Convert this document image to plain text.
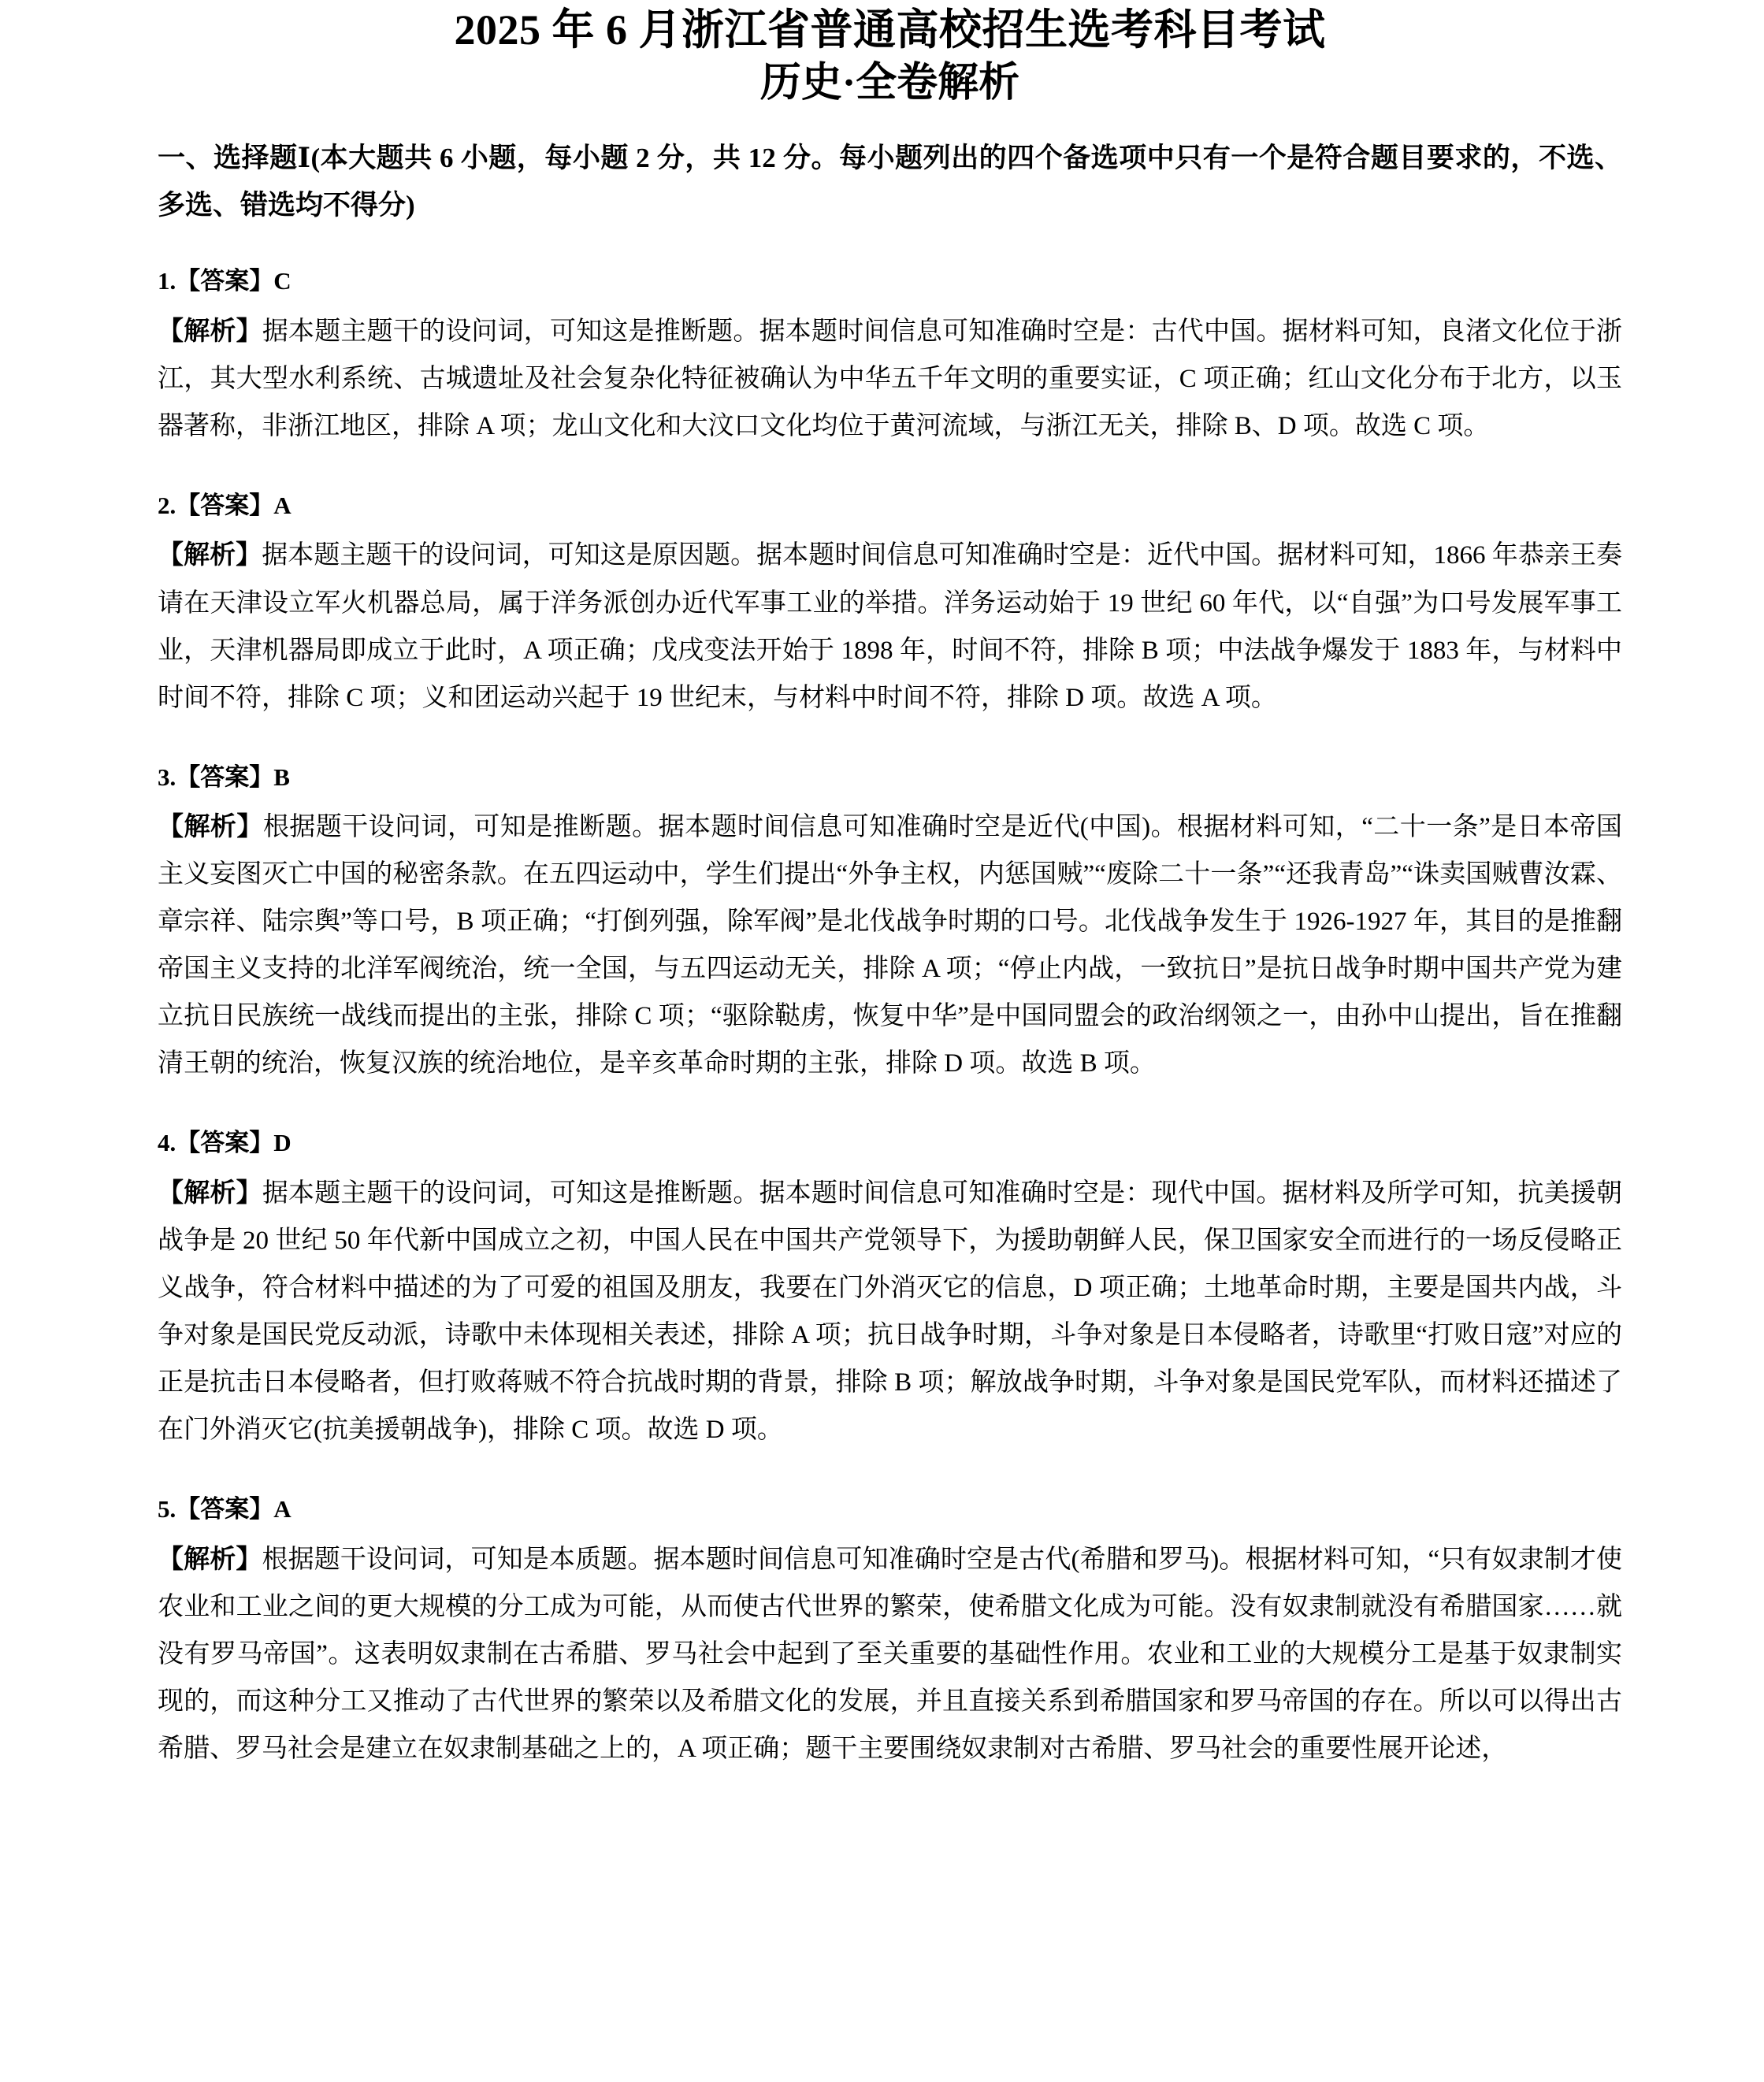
2025 年 6 月浙江省普通高校招生选考科目考试
历史·全卷解析
一、选择题Ⅰ(本大题共 6 小题，每小题 2 分，共 12 分。每小题列出的四个备选项中只有一个是符合题目要求的，不选、多选、错选均不得分)
1.【答案】C
【解析】据本题主题干的设问词，可知这是推断题。据本题时间信息可知准确时空是：古代中国。据材料可知，良渚文化位于浙江，其大型水利系统、古城遗址及社会复杂化特征被确认为中华五千年文明的重要实证，C 项正确；红山文化分布于北方，以玉器著称，非浙江地区，排除 A 项；龙山文化和大汶口文化均位于黄河流域，与浙江无关，排除 B、D 项。故选 C 项。
2.【答案】A
【解析】据本题主题干的设问词，可知这是原因题。据本题时间信息可知准确时空是：近代中国。据材料可知，1866 年恭亲王奏请在天津设立军火机器总局，属于洋务派创办近代军事工业的举措。洋务运动始于 19 世纪 60 年代，以“自强”为口号发展军事工业，天津机器局即成立于此时，A 项正确；戊戌变法开始于 1898 年，时间不符，排除 B 项；中法战争爆发于 1883 年，与材料中时间不符，排除 C 项；义和团运动兴起于 19 世纪末，与材料中时间不符，排除 D 项。故选 A 项。
3.【答案】B
【解析】根据题干设问词，可知是推断题。据本题时间信息可知准确时空是近代(中国)。根据材料可知，“二十一条”是日本帝国主义妄图灭亡中国的秘密条款。在五四运动中，学生们提出“外争主权，内惩国贼”“废除二十一条”“还我青岛”“诛卖国贼曹汝霖、章宗祥、陆宗舆”等口号，B 项正确；“打倒列强，除军阀”是北伐战争时期的口号。北伐战争发生于 1926-1927 年，其目的是推翻帝国主义支持的北洋军阀统治，统一全国，与五四运动无关，排除 A 项；“停止内战，一致抗日”是抗日战争时期中国共产党为建立抗日民族统一战线而提出的主张，排除 C 项；“驱除鞑虏，恢复中华”是中国同盟会的政治纲领之一，由孙中山提出，旨在推翻清王朝的统治，恢复汉族的统治地位，是辛亥革命时期的主张，排除 D 项。故选 B 项。
4.【答案】D
【解析】据本题主题干的设问词，可知这是推断题。据本题时间信息可知准确时空是：现代中国。据材料及所学可知，抗美援朝战争是 20 世纪 50 年代新中国成立之初，中国人民在中国共产党领导下，为援助朝鲜人民，保卫国家安全而进行的一场反侵略正义战争，符合材料中描述的为了可爱的祖国及朋友，我要在门外消灭它的信息，D 项正确；土地革命时期，主要是国共内战，斗争对象是国民党反动派，诗歌中未体现相关表述，排除 A 项；抗日战争时期，斗争对象是日本侵略者，诗歌里“打败日寇”对应的正是抗击日本侵略者，但打败蒋贼不符合抗战时期的背景，排除 B 项；解放战争时期，斗争对象是国民党军队，而材料还描述了在门外消灭它(抗美援朝战争)，排除 C 项。故选 D 项。
5.【答案】A
【解析】根据题干设问词，可知是本质题。据本题时间信息可知准确时空是古代(希腊和罗马)。根据材料可知，“只有奴隶制才使农业和工业之间的更大规模的分工成为可能，从而使古代世界的繁荣，使希腊文化成为可能。没有奴隶制就没有希腊国家……就没有罗马帝国”。这表明奴隶制在古希腊、罗马社会中起到了至关重要的基础性作用。农业和工业的大规模分工是基于奴隶制实现的，而这种分工又推动了古代世界的繁荣以及希腊文化的发展，并且直接关系到希腊国家和罗马帝国的存在。所以可以得出古希腊、罗马社会是建立在奴隶制基础之上的，A 项正确；题干主要围绕奴隶制对古希腊、罗马社会的重要性展开论述，
